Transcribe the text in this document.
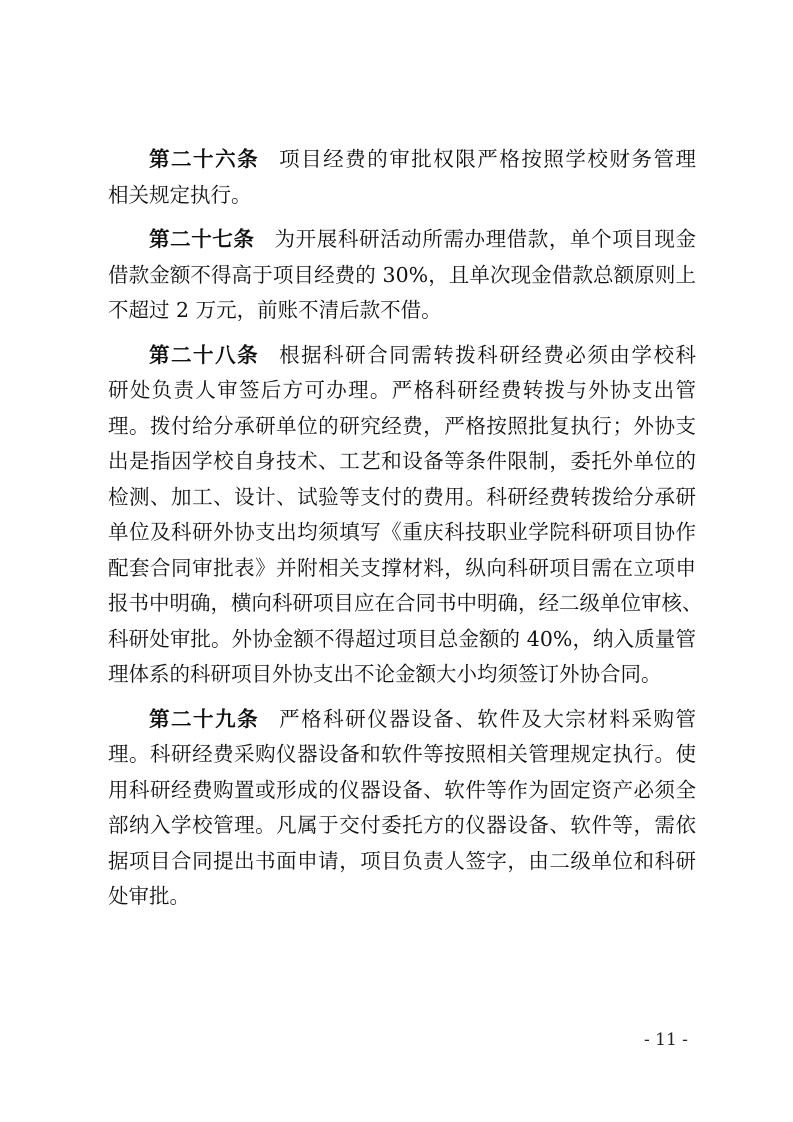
第二十六条 项目经费的审批权限严格按照学校财务管理
相关规定执行。
第二十七条 为开展科研活动所需办理借款，单个项目现金
借款金额不得高于项目经费的 30%，且单次现金借款总额原则上
不超过 2 万元，前账不清后款不借。
第二十八条 根据科研合同需转拨科研经费必须由学校科
研处负责人审签后方可办理。严格科研经费转拨与外协支出管
理。拨付给分承研单位的研究经费，严格按照批复执行；外协支
出是指因学校自身技术、工艺和设备等条件限制，委托外单位的
检测、加工、设计、试验等支付的费用。科研经费转拨给分承研
单位及科研外协支出均须填写《重庆科技职业学院科研项目协作
配套合同审批表》并附相关支撑材料，纵向科研项目需在立项申
报书中明确，横向科研项目应在合同书中明确，经二级单位审核、
科研处审批。外协金额不得超过项目总金额的 40%，纳入质量管
理体系的科研项目外协支出不论金额大小均须签订外协合同。
第二十九条 严格科研仪器设备、软件及大宗材料采购管
理。科研经费采购仪器设备和软件等按照相关管理规定执行。使
用科研经费购置或形成的仪器设备、软件等作为固定资产必须全
部纳入学校管理。凡属于交付委托方的仪器设备、软件等，需依
据项目合同提出书面申请，项目负责人签字，由二级单位和科研
处审批。
- 11 -
